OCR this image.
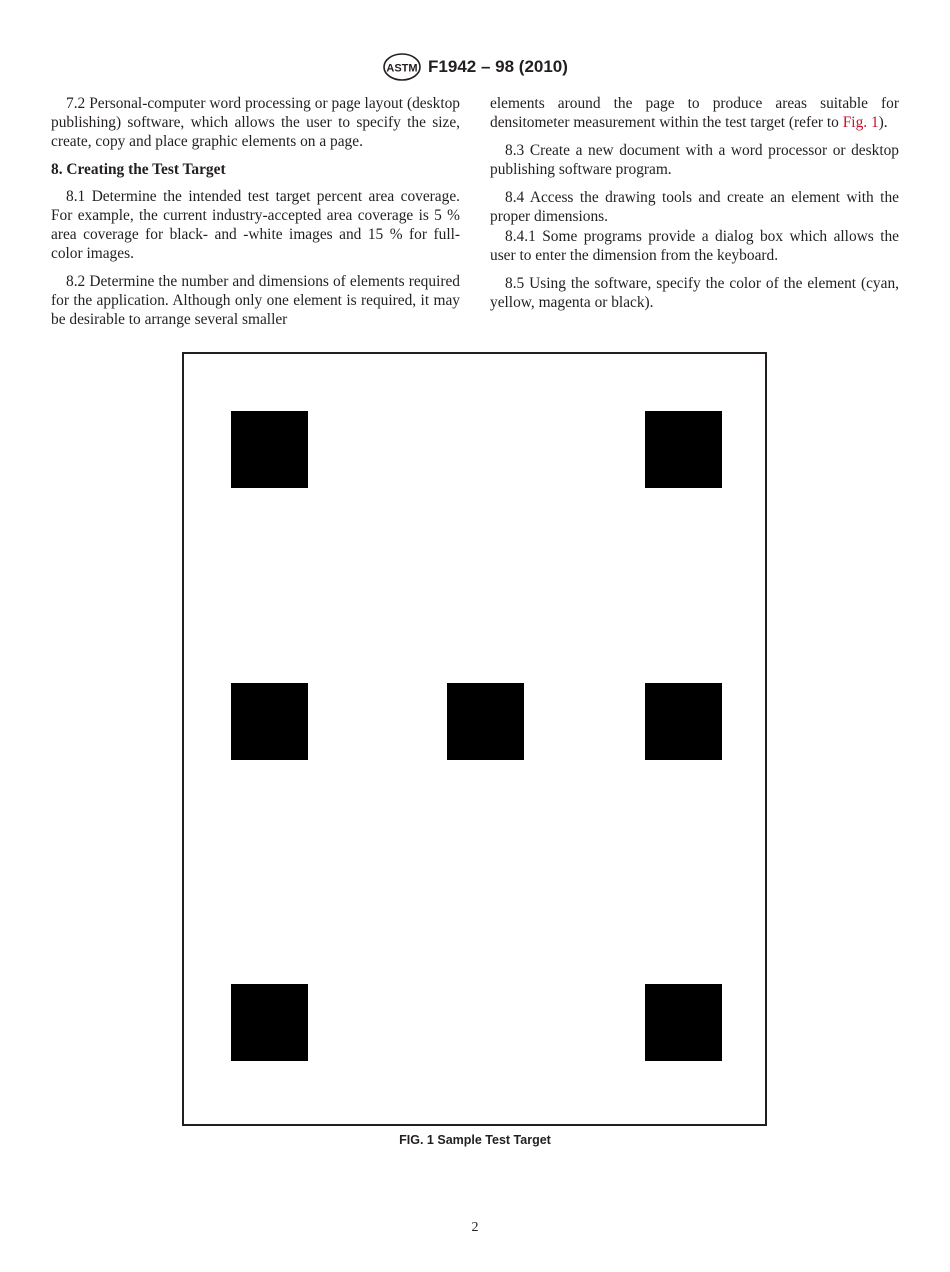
ASTM F1942 – 98 (2010)

7.2 Personal-computer word processing or page layout (desktop publishing) software, which allows the user to specify the size, create, copy and place graphic elements on a page.

8. Creating the Test Target

8.1 Determine the intended test target percent area coverage. For example, the current industry-accepted area coverage is 5 % area coverage for black- and -white images and 15 % for full-color images.

8.2 Determine the number and dimensions of elements required for the application. Although only one element is required, it may be desirable to arrange several smaller

elements around the page to produce areas suitable for densitometer measurement within the test target (refer to Fig. 1).

8.3 Create a new document with a word processor or desktop publishing software program.

8.4 Access the drawing tools and create an element with the proper dimensions.

8.4.1 Some programs provide a dialog box which allows the user to enter the dimension from the keyboard.

8.5 Using the software, specify the color of the element (cyan, yellow, magenta or black).

FIG. 1 Sample Test Target
2
